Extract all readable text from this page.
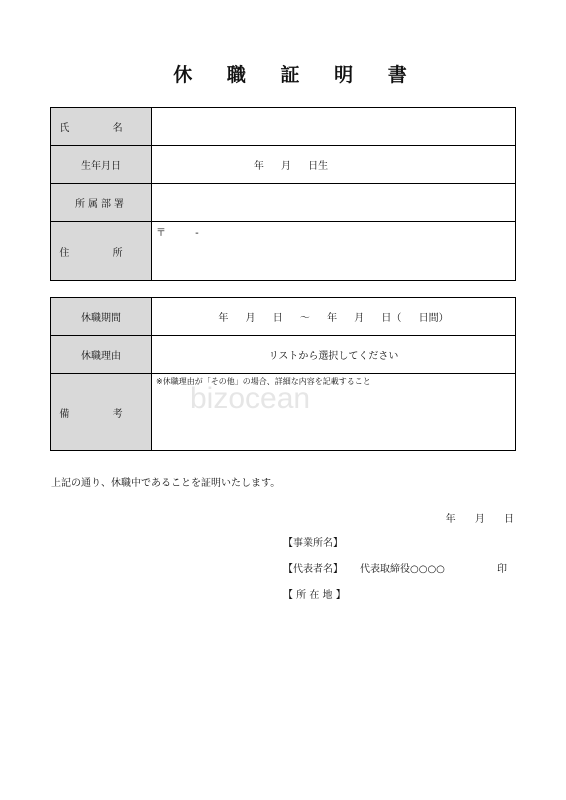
bizocean
休 職 証 明 書
氏 名	
生年月日	年 月 日生
所属部署	
住 所	〒 -
休職期間	年 月 日 ～ 年 月 日（ 日間）
休職理由	リストから選択してください
備 考	※休職理由が「その他」の場合、詳細な内容を記載すること
上記の通り、休職中であることを証明いたします。
年 月 日
【事業所名】
【代表者名】 代表取締役○○○○	印
【 所 在 地 】
